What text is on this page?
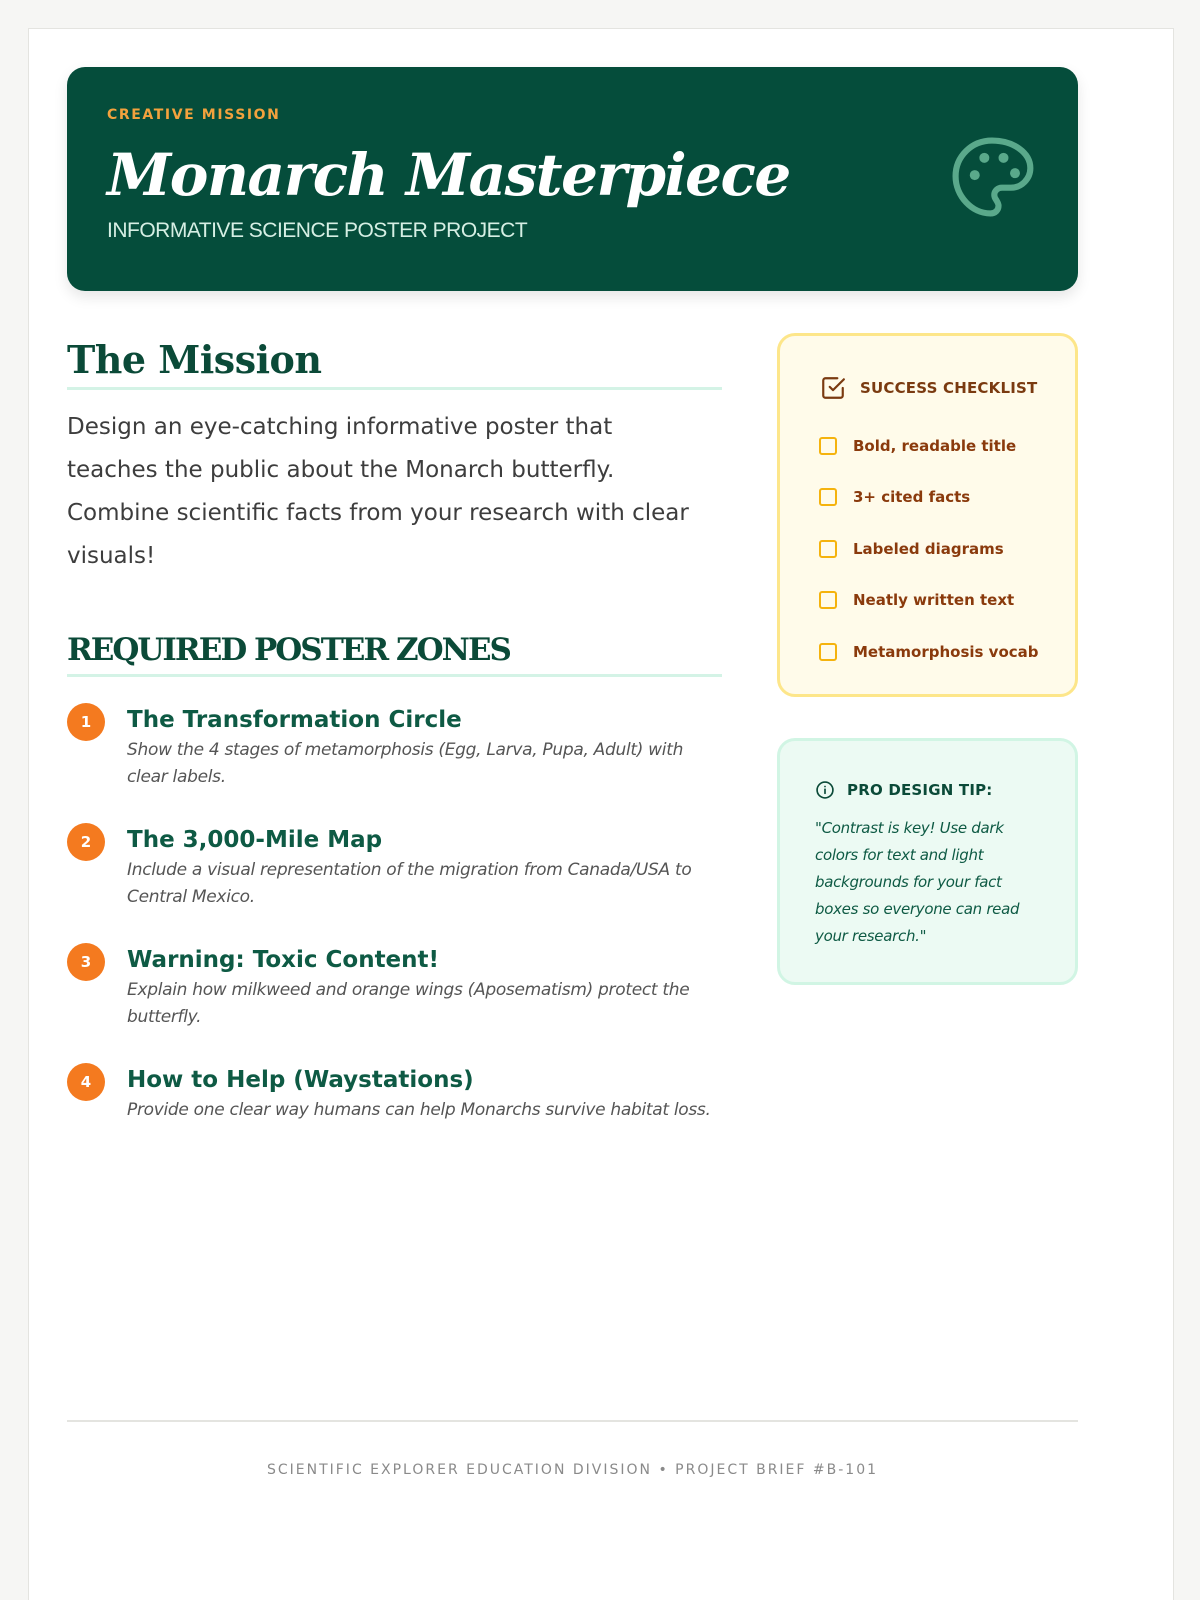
CREATIVE MISSION
Monarch Masterpiece
INFORMATIVE SCIENCE POSTER PROJECT
The Mission
Design an eye-catching informative poster that teaches the public about the Monarch butterfly. Combine scientific facts from your research with clear visuals!
REQUIRED POSTER ZONES
1	The Transformation Circle
Show the 4 stages of metamorphosis (Egg, Larva, Pupa, Adult) with clear labels.
2	The 3,000-Mile Map
Include a visual representation of the migration from Canada/USA to Central Mexico.
3	Warning: Toxic Content!
Explain how milkweed and orange wings (Aposematism) protect the butterfly.
4	How to Help (Waystations)
Provide one clear way humans can help Monarchs survive habitat loss.
SUCCESS CHECKLIST
Bold, readable title
3+ cited facts
Labeled diagrams
Neatly written text
Metamorphosis vocab
PRO DESIGN TIP:
"Contrast is key! Use dark colors for text and light backgrounds for your fact boxes so everyone can read your research."
SCIENTIFIC EXPLORER EDUCATION DIVISION • PROJECT BRIEF #B-101
